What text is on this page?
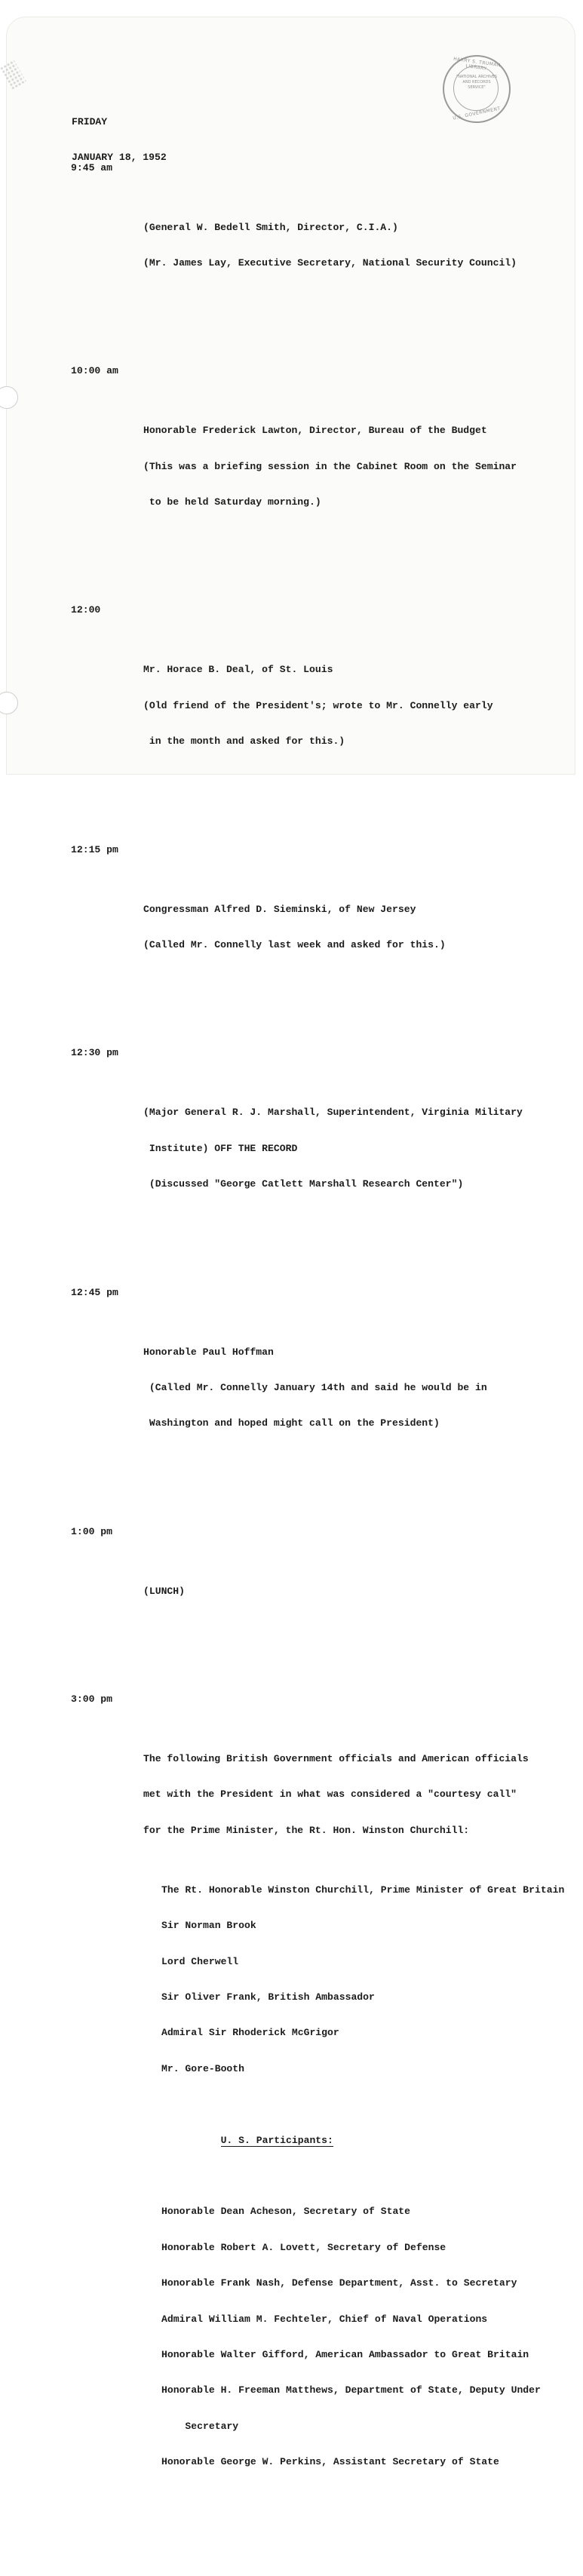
HARRY S. TRUMAN LIBRARY
"NATIONAL ARCHIVES AND RECORDS SERVICE"
U.S. GOVERNMENT

FRIDAY

JANUARY 18, 1952

9:45 am

(General W. Bedell Smith, Director, C.I.A.)

(Mr. James Lay, Executive Secretary, National Security Council)

10:00 am

Honorable Frederick Lawton, Director, Bureau of the Budget

(This was a briefing session in the Cabinet Room on the Seminar

to be held Saturday morning.)

12:00

Mr. Horace B. Deal, of St. Louis

(Old friend of the President's; wrote to Mr. Connelly early

in the month and asked for this.)

12:15 pm

Congressman Alfred D. Sieminski, of New Jersey

(Called Mr. Connelly last week and asked for this.)

12:30 pm

(Major General R. J. Marshall, Superintendent, Virginia Military

Institute) OFF THE RECORD

(Discussed "George Catlett Marshall Research Center")

12:45 pm

Honorable Paul Hoffman

(Called Mr. Connelly January 14th and said he would be in

Washington and hoped might call on the President)

1:00 pm

(LUNCH)

3:00 pm

The following British Government officials and American officials

met with the President in what was considered a "courtesy call"

for the Prime Minister, the Rt. Hon. Winston Churchill:

The Rt. Honorable Winston Churchill, Prime Minister of Great Britain

Sir Norman Brook

Lord Cherwell

Sir Oliver Frank, British Ambassador

Admiral Sir Rhoderick McGrigor

Mr. Gore-Booth

U. S. Participants:

Honorable Dean Acheson, Secretary of State

Honorable Robert A. Lovett, Secretary of Defense

Honorable Frank Nash, Defense Department, Asst. to Secretary

Admiral William M. Fechteler, Chief of Naval Operations

Honorable Walter Gifford, American Ambassador to Great Britain

Honorable H. Freeman Matthews, Department of State, Deputy Under

Secretary

Honorable George W. Perkins, Assistant Secretary of State
